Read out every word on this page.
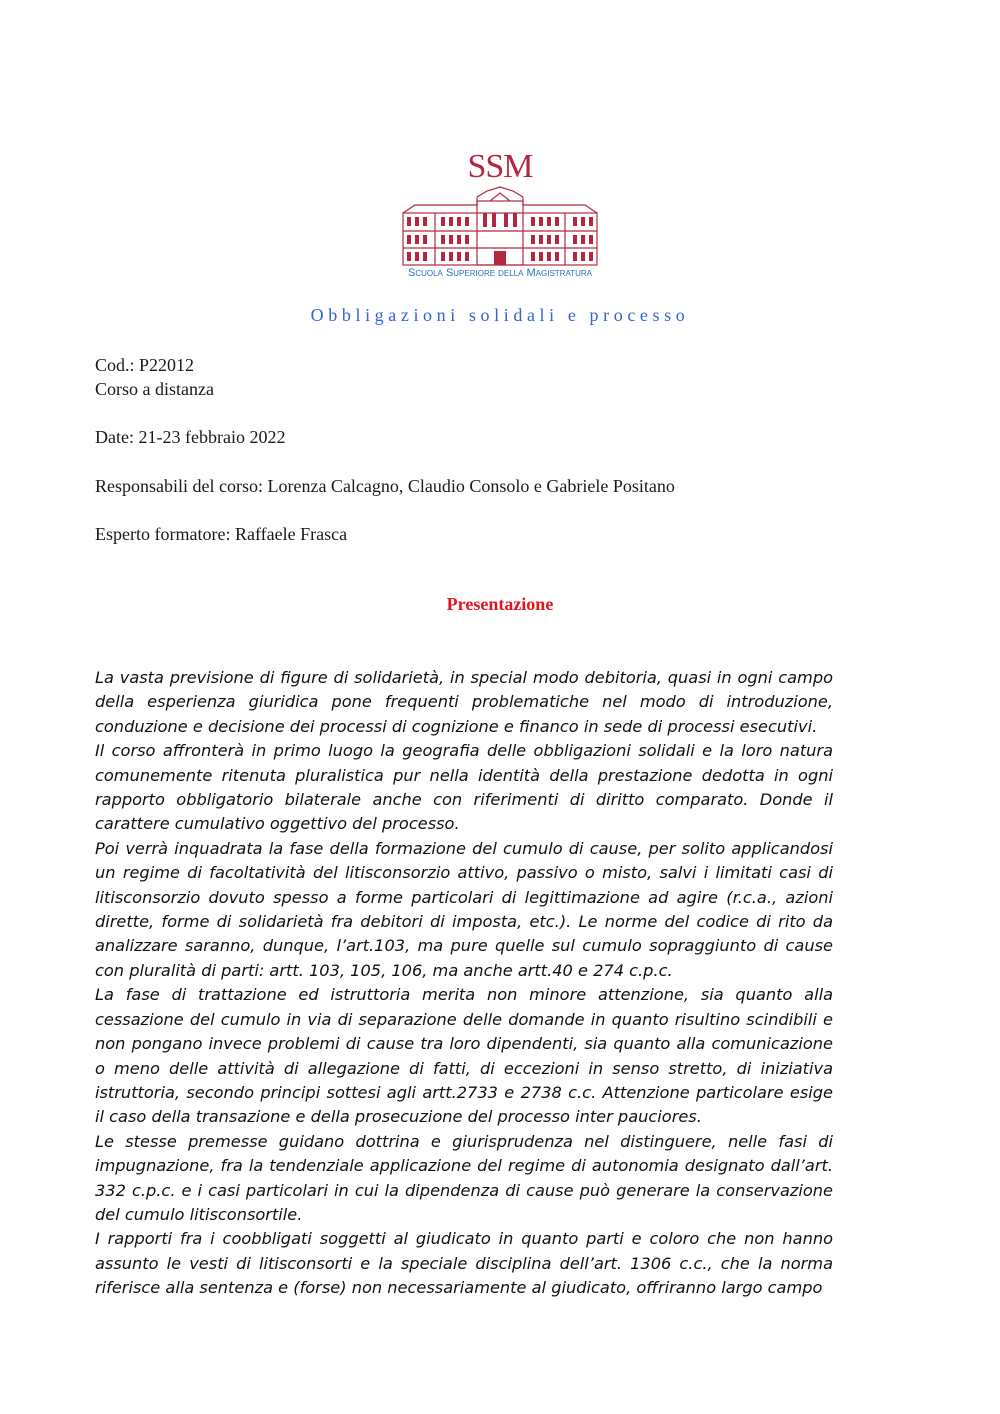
SSM
Scuola Superiore della Magistratura
Obbligazioni solidali e processo
Cod.: P22012
Corso a distanza
Date: 21-23 febbraio 2022
Responsabili del corso: Lorenza Calcagno, Claudio Consolo e Gabriele Positano
Esperto formatore: Raffaele Frasca
Presentazione

La vasta previsione di figure di solidarietà, in special modo debitoria, quasi in ogni campo della esperienza giuridica pone frequenti problematiche nel modo di introduzione, conduzione e decisione dei processi di cognizione e financo in sede di processi esecutivi.

Il corso affronterà in primo luogo la geografia delle obbligazioni solidali e la loro natura comunemente ritenuta pluralistica pur nella identità della prestazione dedotta in ogni rapporto obbligatorio bilaterale anche con riferimenti di diritto comparato. Donde il carattere cumulativo oggettivo del processo.

Poi verrà inquadrata la fase della formazione del cumulo di cause, per solito applicandosi un regime di facoltatività del litisconsorzio attivo, passivo o misto, salvi i limitati casi di litisconsorzio dovuto spesso a forme particolari di legittimazione ad agire (r.c.a., azioni dirette, forme di solidarietà fra debitori di imposta, etc.). Le norme del codice di rito da analizzare saranno, dunque, l’art.103, ma pure quelle sul cumulo sopraggiunto di cause con pluralità di parti: artt. 103, 105, 106, ma anche artt.40 e 274 c.p.c.

La fase di trattazione ed istruttoria merita non minore attenzione, sia quanto alla cessazione del cumulo in via di separazione delle domande in quanto risultino scindibili e non pongano invece problemi di cause tra loro dipendenti, sia quanto alla comunicazione o meno delle attività di allegazione di fatti, di eccezioni in senso stretto, di iniziativa istruttoria, secondo principi sottesi agli artt.2733 e 2738 c.c. Attenzione particolare esige il caso della transazione e della prosecuzione del processo inter pauciores.

Le stesse premesse guidano dottrina e giurisprudenza nel distinguere, nelle fasi di impugnazione, fra la tendenziale applicazione del regime di autonomia designato dall’art. 332 c.p.c. e i casi particolari in cui la dipendenza di cause può generare la conservazione del cumulo litisconsortile.

I rapporti fra i coobbligati soggetti al giudicato in quanto parti e coloro che non hanno assunto le vesti di litisconsorti e la speciale disciplina dell’art. 1306 c.c., che la norma riferisce alla sentenza e (forse) non necessariamente al giudicato, offriranno largo campo
